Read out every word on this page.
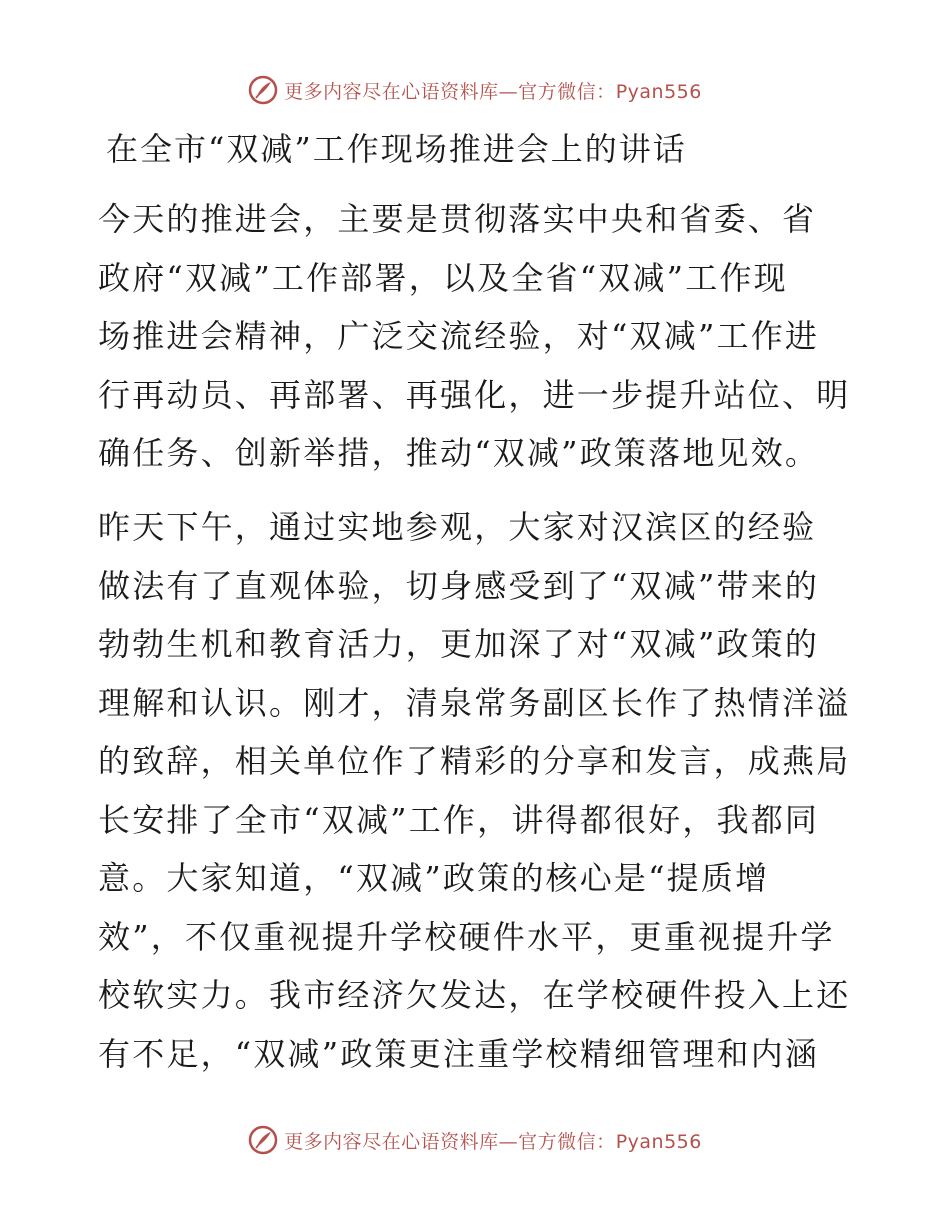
更多内容尽在心语资料库—官方微信：Pyan556
在全市“双减”工作现场推进会上的讲话

今天的推进会，主要是贯彻落实中央和省委、省
政府“双减”工作部署，以及全省“双减”工作现
场推进会精神，广泛交流经验，对“双减”工作进
行再动员、再部署、再强化，进一步提升站位、明
确任务、创新举措，推动“双减”政策落地见效。

昨天下午，通过实地参观，大家对汉滨区的经验
做法有了直观体验，切身感受到了“双减”带来的
勃勃生机和教育活力，更加深了对“双减”政策的
理解和认识。刚才，清泉常务副区长作了热情洋溢
的致辞，相关单位作了精彩的分享和发言，成燕局
长安排了全市“双减”工作，讲得都很好，我都同
意。大家知道，“双减”政策的核心是“提质增
效”，不仅重视提升学校硬件水平，更重视提升学
校软实力。我市经济欠发达，在学校硬件投入上还
有不足，“双减”政策更注重学校精细管理和内涵

更多内容尽在心语资料库—官方微信：Pyan556
